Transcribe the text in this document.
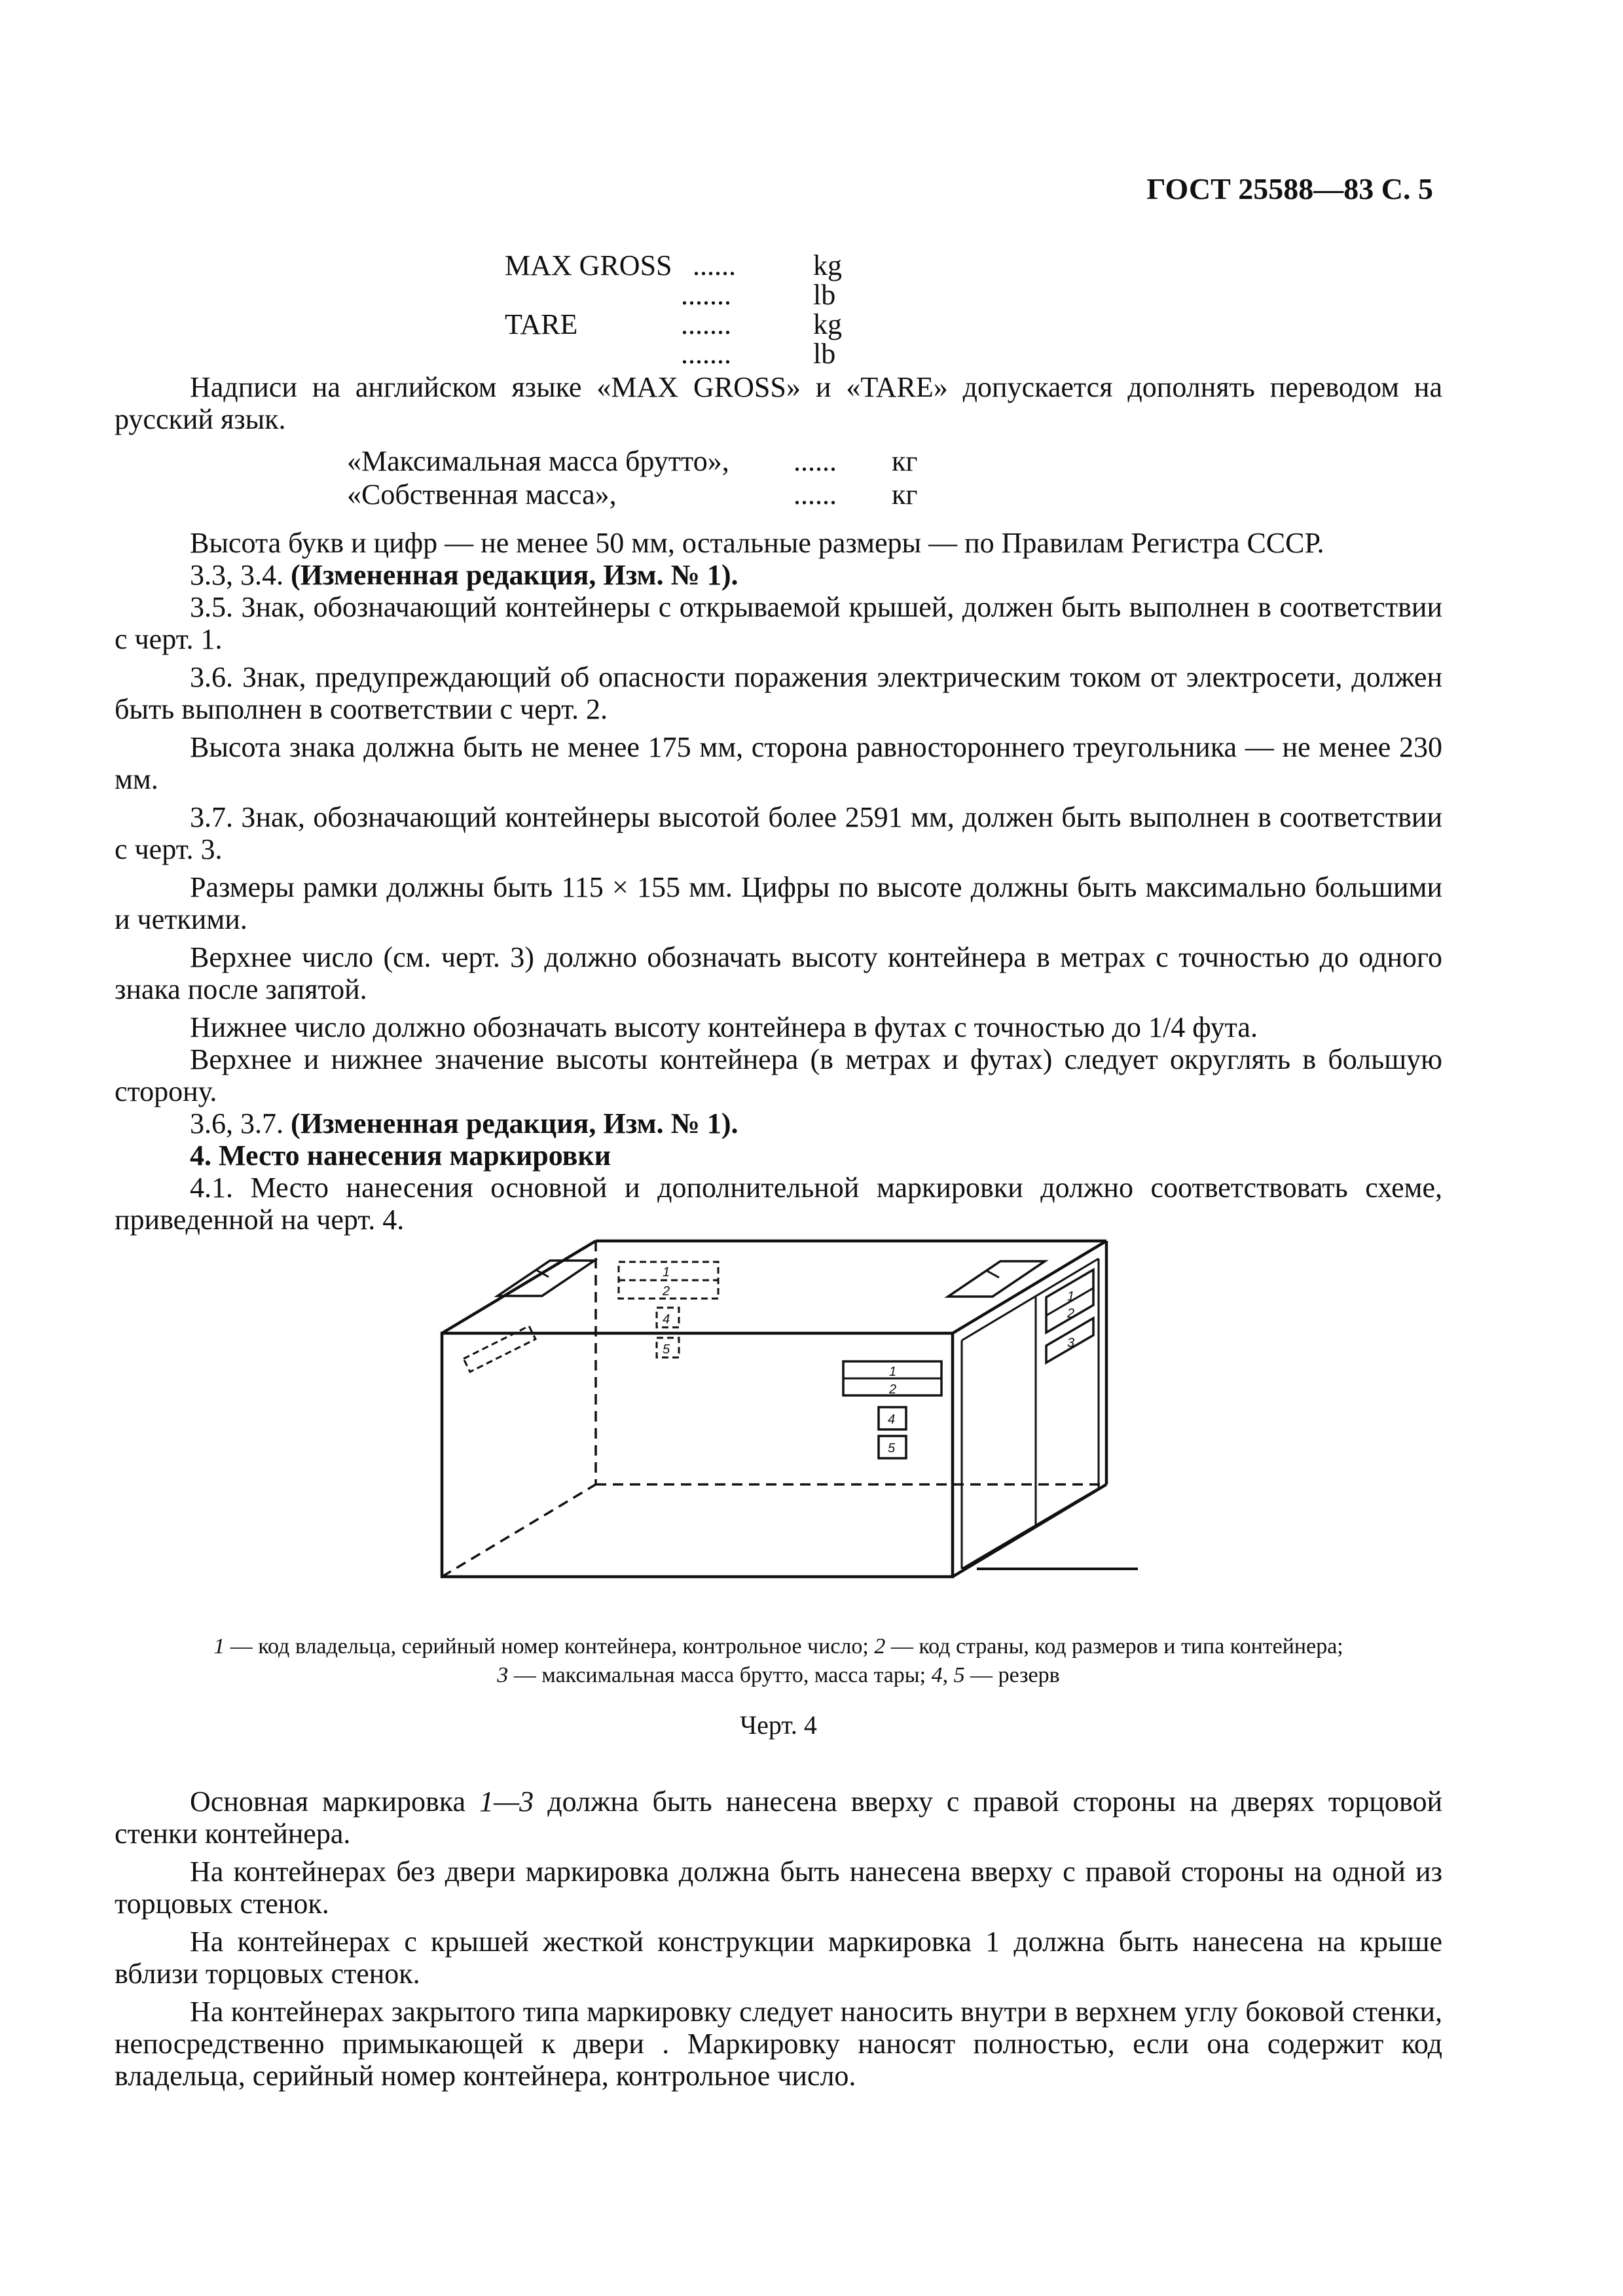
ГОСТ 25588—83 С. 5
MAX GROSS ......	kg
.......	lb
TARE	.......	kg
.......	lb

Надписи на английском языке «MAX GROSS» и «TARE» допускается дополнять переводом на русский язык.

«Максимальная масса брутто», ...... кг
«Собственная масса»,	...... кг

Высота букв и цифр — не менее 50 мм, остальные размеры — по Правилам Регистра СССР.

3.3, 3.4. (Измененная редакция, Изм. № 1).

3.5. Знак, обозначающий контейнеры с открываемой крышей, должен быть выполнен в соответствии с черт. 1.

3.6. Знак, предупреждающий об опасности поражения электрическим током от электросети, должен быть выполнен в соответствии с черт. 2.

Высота знака должна быть не менее 175 мм, сторона равностороннего треугольника — не менее 230 мм.

3.7. Знак, обозначающий контейнеры высотой более 2591 мм, должен быть выполнен в соответствии с черт. 3.

Размеры рамки должны быть 115 × 155 мм. Цифры по высоте должны быть максимально большими и четкими.

Верхнее число (см. черт. 3) должно обозначать высоту контейнера в метрах с точностью до одного знака после запятой.

Нижнее число должно обозначать высоту контейнера в футах с точностью до 1/4 фута.

Верхнее и нижнее значение высоты контейнера (в метрах и футах) следует округлять в большую сторону.

3.6, 3.7. (Измененная редакция, Изм. № 1).

4. Место нанесения маркировки

4.1. Место нанесения основной и дополнительной маркировки должно соответствовать схеме, приведенной на черт. 4.

1
2
4
5
1
2
4
5
1
2
3
1 — код владельца, серийный номер контейнера, контрольное число; 2 — код страны, код размеров и типа контейнера;
3 — максимальная масса брутто, масса тары; 4, 5 — резерв
Черт. 4

Основная маркировка 1—3 должна быть нанесена вверху с правой стороны на дверях торцовой стенки контейнера.

На контейнерах без двери маркировка должна быть нанесена вверху с правой стороны на одной из торцовых стенок.

На контейнерах с крышей жесткой конструкции маркировка 1 должна быть нанесена на крыше вблизи торцовых стенок.

На контейнерах закрытого типа маркировку следует наносить внутри в верхнем углу боковой стенки, непосредственно примыкающей к двери . Маркировку наносят полностью, если она содержит код владельца, серийный номер контейнера, контрольное число.
